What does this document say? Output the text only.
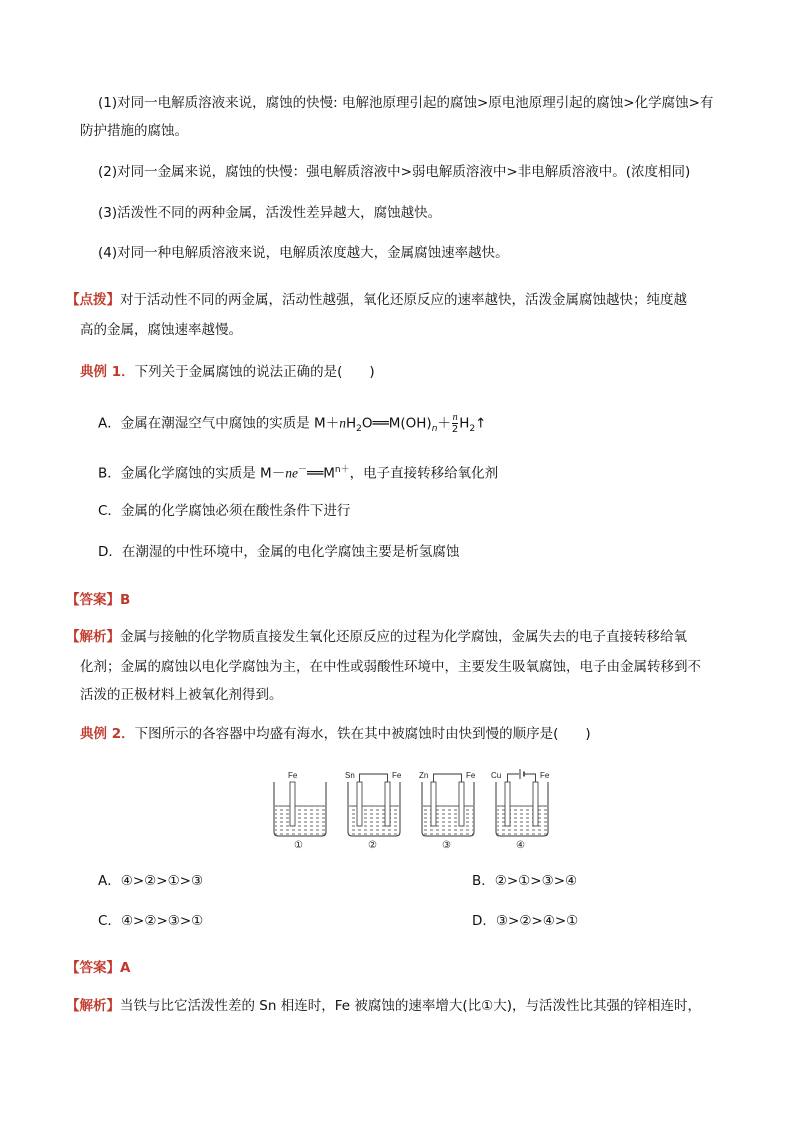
(1)对同一电解质溶液来说，腐蚀的快慢: 电解池原理引起的腐蚀>原电池原理引起的腐蚀>化学腐蚀>有
防护措施的腐蚀。
(2)对同一金属来说，腐蚀的快慢：强电解质溶液中>弱电解质溶液中>非电解质溶液中。(浓度相同)
(3)活泼性不同的两种金属，活泼性差异越大，腐蚀越快。
(4)对同一种电解质溶液来说，电解质浓度越大，金属腐蚀速率越快。
【点拨】对于活动性不同的两金属，活动性越强，氧化还原反应的速率越快，活泼金属腐蚀越快；纯度越
高的金属，腐蚀速率越慢。
典例 1．下列关于金属腐蚀的说法正确的是(　　)
A．金属在潮湿空气中腐蚀的实质是 $M+nH_2O══M(OH)_n+ \frac{n}{2}$ $H_2↑$
B．金属化学腐蚀的实质是 $M-ne^-══M^{n+}$，电子直接转移给氧化剂
C．金属的化学腐蚀必须在酸性条件下进行
D．在潮湿的中性环境中，金属的电化学腐蚀主要是析氢腐蚀
【答案】B
【解析】金属与接触的化学物质直接发生氧化还原反应的过程为化学腐蚀，金属失去的电子直接转移给氧
化剂；金属的腐蚀以电化学腐蚀为主，在中性或弱酸性环境中，主要发生吸氧腐蚀，电子由金属转移到不
活泼的正极材料上被氧化剂得到。
典例 2．下图所示的各容器中均盛有海水，铁在其中被腐蚀时由快到慢的顺序是(　　)
Fe
①
Sn	Fe
②
Zn	Fe
③
Cu	Fe
④
A．④>②>①>③	B．②>①>③>④
C．④>②>③>①	D．③>②>④>①
【答案】A
【解析】当铁与比它活泼性差的 Sn 相连时，Fe 被腐蚀的速率增大(比①大)，与活泼性比其强的锌相连时，
